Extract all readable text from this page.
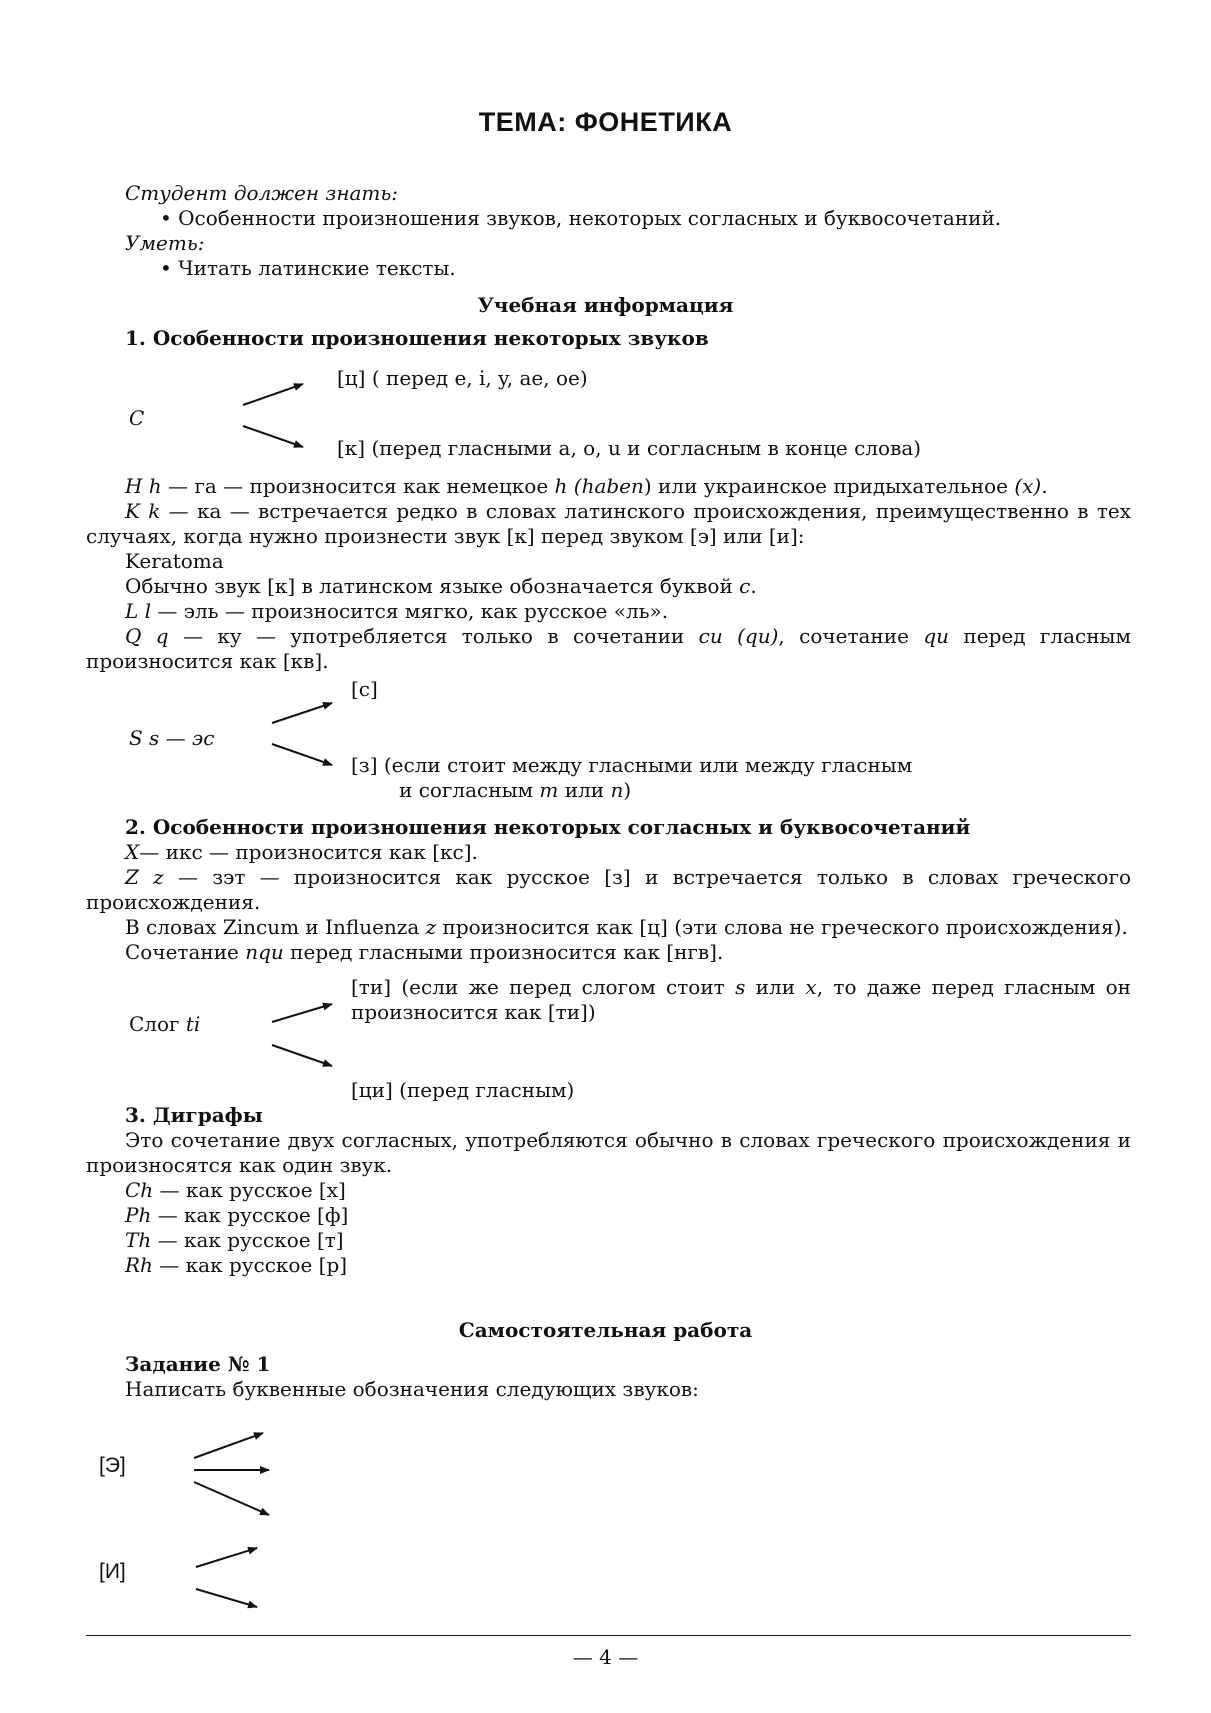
ТЕМА: ФОНЕТИКА
Студент должен знать:
• Особенности произношения звуков, некоторых согласных и буквосочетаний.
Уметь:
• Читать латинские тексты.
Учебная информация
1. Особенности произношения некоторых звуков
[ц] ( перед e, i, y, ae, oe)
C
[к] (перед гласными a, o, u и согласным в конце слова)
H h — га — произносится как немецкое h (haben) или украинское придыхательное (х).
K k — ка — встречается редко в словах латинского происхождения, преимущественно в тех случаях, когда нужно произнести звук [к] перед звуком [э] или [и]:
Keratoma
Обычно звук [к] в латинском языке обозначается буквой c.
L l — эль — произносится мягко, как русское «ль».
Q q — ку — употребляется только в сочетании cu (qu), сочетание qu перед гласным произносится как [кв].
[с]
S s — эс
[з] (если стоит между гласными или между гласным
и согласным m или n)
2. Особенности произношения некоторых согласных и буквосочетаний
X— икс — произносится как [кс].
Z z — зэт — произносится как русское [з] и встречается только в словах греческого происхождения.
В словах Zincum и Influenza z произносится как [ц] (эти слова не греческого происхождения).
Сочетание nqu перед гласными произносится как [нгв].
[ти] (если же перед слогом стоит s или x, то даже перед гласным он произносится как [ти])
Слог ti
[ци] (перед гласным)
3. Диграфы
Это сочетание двух согласных, употребляются обычно в словах греческого происхождения и произносятся как один звук.
Ch — как русское [х]
Ph — как русское [ф]
Th — как русское [т]
Rh — как русское [р]
Самостоятельная работа
Задание № 1
Написать буквенные обозначения следующих звуков:
[Э]
[И]
— 4 —
